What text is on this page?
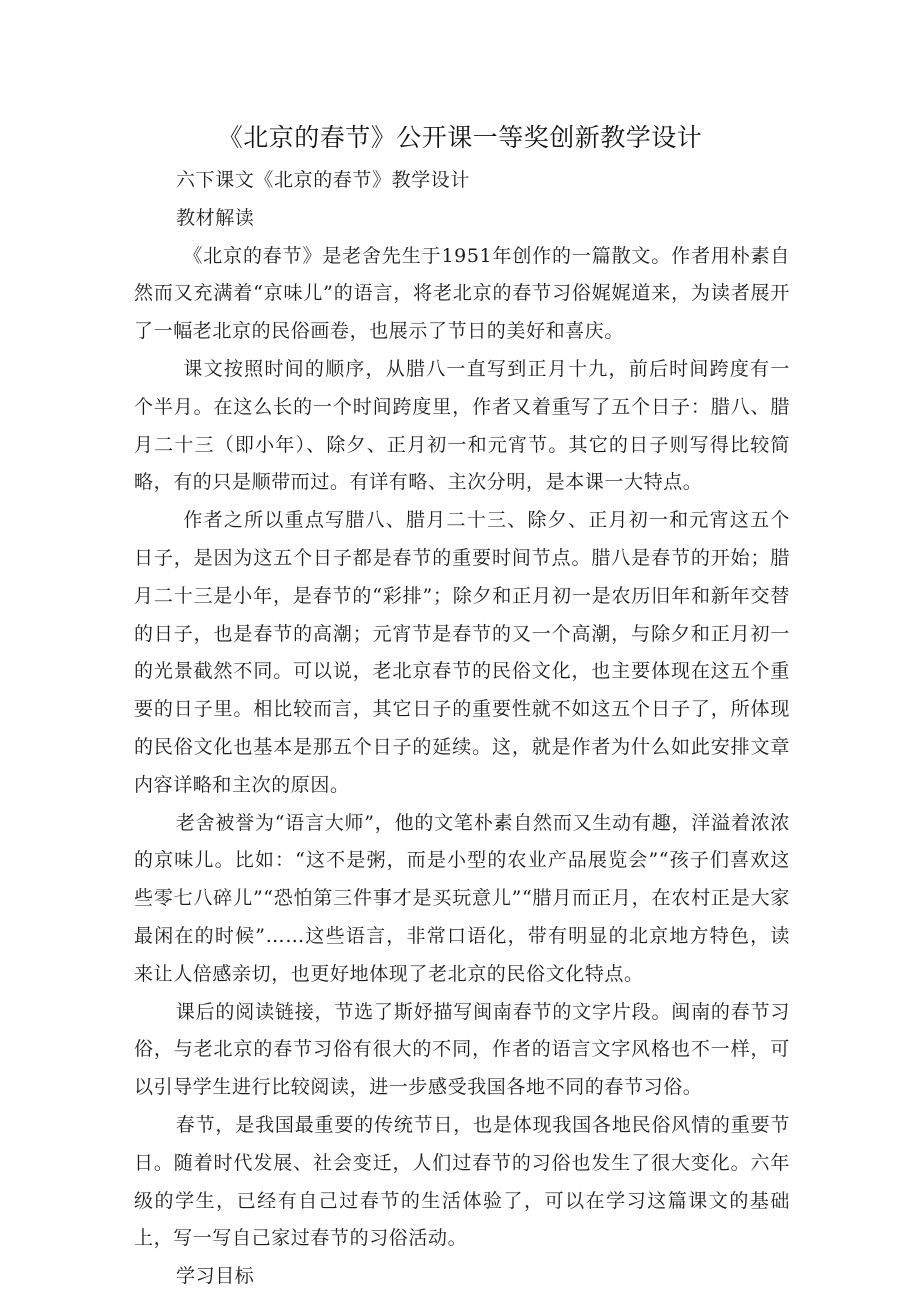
《北京的春节》公开课一等奖创新教学设计

六下课文《北京的春节》教学设计

教材解读

《北京的春节》是老舍先生于1951年创作的一篇散文。作者用朴素自然而又充满着“京味儿”的语言，将老北京的春节习俗娓娓道来，为读者展开了一幅老北京的民俗画卷，也展示了节日的美好和喜庆。

课文按照时间的顺序，从腊八一直写到正月十九，前后时间跨度有一个半月。在这么长的一个时间跨度里，作者又着重写了五个日子：腊八、腊月二十三（即小年）、除夕、正月初一和元宵节。其它的日子则写得比较简略，有的只是顺带而过。有详有略、主次分明，是本课一大特点。

作者之所以重点写腊八、腊月二十三、除夕、正月初一和元宵这五个日子，是因为这五个日子都是春节的重要时间节点。腊八是春节的开始；腊月二十三是小年，是春节的“彩排”；除夕和正月初一是农历旧年和新年交替的日子，也是春节的高潮；元宵节是春节的又一个高潮，与除夕和正月初一的光景截然不同。可以说，老北京春节的民俗文化，也主要体现在这五个重要的日子里。相比较而言，其它日子的重要性就不如这五个日子了，所体现的民俗文化也基本是那五个日子的延续。这，就是作者为什么如此安排文章内容详略和主次的原因。

老舍被誉为“语言大师”，他的文笔朴素自然而又生动有趣，洋溢着浓浓的京味儿。比如：“这不是粥，而是小型的农业产品展览会”“孩子们喜欢这些零七八碎儿”“恐怕第三件事才是买玩意儿”“腊月而正月，在农村正是大家最闲在的时候”……这些语言，非常口语化，带有明显的北京地方特色，读来让人倍感亲切，也更好地体现了老北京的民俗文化特点。

课后的阅读链接，节选了斯妤描写闽南春节的文字片段。闽南的春节习俗，与老北京的春节习俗有很大的不同，作者的语言文字风格也不一样，可以引导学生进行比较阅读，进一步感受我国各地不同的春节习俗。

春节，是我国最重要的传统节日，也是体现我国各地民俗风情的重要节日。随着时代发展、社会变迁，人们过春节的习俗也发生了很大变化。六年级的学生，已经有自己过春节的生活体验了，可以在学习这篇课文的基础上，写一写自己家过春节的习俗活动。

学习目标
